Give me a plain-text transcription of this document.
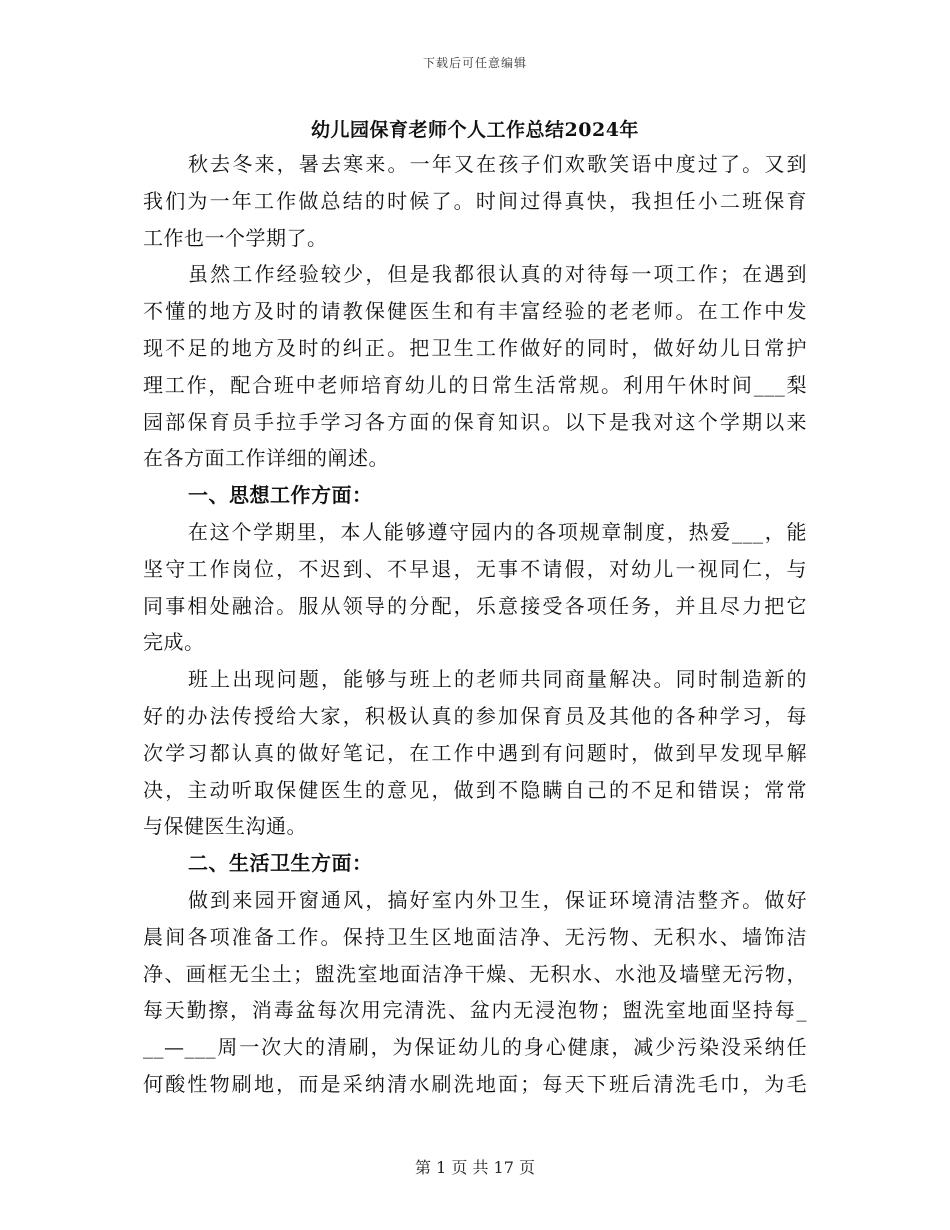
下载后可任意编辑
幼儿园保育老师个人工作总结2024年
秋去冬来，暑去寒来。一年又在孩子们欢歌笑语中度过了。又到
我们为一年工作做总结的时候了。时间过得真快，我担任小二班保育
工作也一个学期了。
虽然工作经验较少，但是我都很认真的对待每一项工作；在遇到
不懂的地方及时的请教保健医生和有丰富经验的老老师。在工作中发
现不足的地方及时的纠正。把卫生工作做好的同时，做好幼儿日常护
理工作，配合班中老师培育幼儿的日常生活常规。利用午休时间___梨
园部保育员手拉手学习各方面的保育知识。以下是我对这个学期以来
在各方面工作详细的阐述。
一、思想工作方面：
在这个学期里，本人能够遵守园内的各项规章制度，热爱___，能
坚守工作岗位，不迟到、不早退，无事不请假，对幼儿一视同仁，与
同事相处融洽。服从领导的分配，乐意接受各项任务，并且尽力把它
完成。
班上出现问题，能够与班上的老师共同商量解决。同时制造新的
好的办法传授给大家，积极认真的参加保育员及其他的各种学习，每
次学习都认真的做好笔记，在工作中遇到有问题时，做到早发现早解
决，主动听取保健医生的意见，做到不隐瞒自己的不足和错误；常常
与保健医生沟通。
二、生活卫生方面：
做到来园开窗通风，搞好室内外卫生，保证环境清洁整齐。做好
晨间各项准备工作。保持卫生区地面洁净、无污物、无积水、墙饰洁
净、画框无尘土；盥洗室地面洁净干燥、无积水、水池及墙壁无污物，
每天勤擦，消毒盆每次用完清洗、盆内无浸泡物；盥洗室地面坚持每_
__—___周一次大的清刷，为保证幼儿的身心健康，减少污染没采纳任
何酸性物刷地，而是采纳清水刷洗地面；每天下班后清洗毛巾，为毛
第 1 页 共 17 页
